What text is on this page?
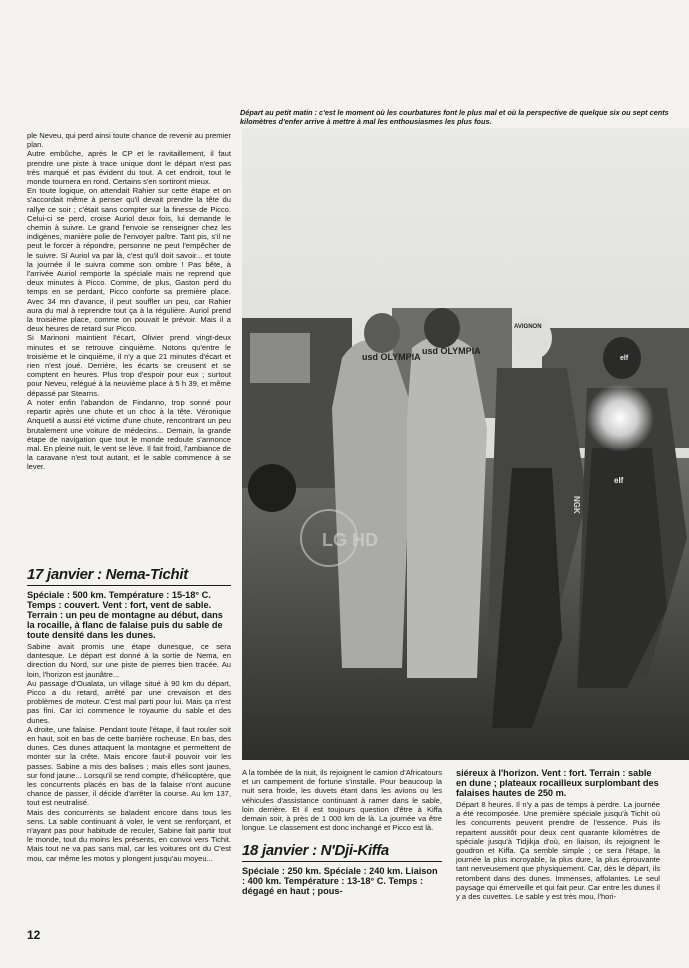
ple Neveu, qui perd ainsi toute chance de revenir au premier plan.

Autre embûche, après le CP et le ravitaillement, il faut prendre une piste à trace unique dont le départ n'est pas très marqué et pas évident du tout. A cet endroit, tout le monde tournera en rond. Certains s'en sortiront mieux.

En toute logique, on attendait Rahier sur cette étape et on s'accordait même à penser qu'il devait prendre la tête du rallye ce soir ; c'était sans compter sur la finesse de Picco. Celui-ci se perd, croise Auriol deux fois, lui demande le chemin à suivre. Le grand l'envoie se renseigner chez les indigènes, manière polie de l'envoyer paître. Tant pis, s'il ne peut le forcer à répondre, personne ne peut l'empêcher de le suivre. Si Auriol va par là, c'est qu'il doit savoir... et toute la journée il le suivra comme son ombre ! Pas bête, à l'arrivée Auriol remporte la spéciale mais ne reprend que deux minutes à Picco. Comme, de plus, Gaston perd du temps en se perdant, Picco conforte sa première place. Avec 34 mn d'avance, il peut souffler un peu, car Rahier aura du mal à reprendre tout ça à la régulière. Auriol prend la troisième place, comme on pouvait le prévoir. Mais il a deux heures de retard sur Picco.

Si Marinoni maintient l'écart, Olivier prend vingt-deux minutes et se retrouve cinquième. Notons qu'entre le troisième et le cinquième, il n'y a que 21 minutes d'écart et rien n'est joué. Derrière, les écarts se creusent et se comptent en heures. Plus trop d'espoir pour eux ; surtout pour Neveu, relégué à la neuvième place à 5 h 39, et même dépassé par Stearns.

A noter enfin l'abandon de Findanno, trop sonné pour repartir après une chute et un choc à la tête. Véronique Anquetil a aussi été victime d'une chute, rencontrant un peu brutalement une voiture de médecins... Demain, la grande étape de navigation que tout le monde redoute s'annonce mal. En pleine nuit, le vent se lève. Il fait froid, l'ambiance de la caravane n'est tout autant, et le sable commence à se lever.

17 janvier : Nema-Tichit
Spéciale : 500 km. Température : 15-18° C. Temps : couvert. Vent : fort, vent de sable. Terrain : un peu de montagne au début, dans la rocaille, à flanc de falaise puis du sable de toute densité dans les dunes.

Sabine avait promis une étape dunesque, ce sera dantesque. Le départ est donné à la sortie de Nema, en direction du Nord, sur une piste de pierres bien tracée. Au loin, l'horizon est jaunâtre...

Au passage d'Oualata, un village situé à 90 km du départ, Picco a du retard, arrêté par une crevaison et des problèmes de moteur. C'est mal parti pour lui. Mais ça n'est pas fini. Car ici commence le royaume du sable et des dunes.

A droite, une falaise. Pendant toute l'étape, il faut rouler soit en haut, soit en bas de cette barrière rocheuse. En bas, des dunes. Ces dunes attaquent la montagne et permettent de monter sur la crête. Mais encore faut-il pouvoir voir les passes. Sabine a mis des balises ; mais elles sont jaunes, sur fond jaune... Lorsqu'il se rend compte, d'hélicoptère, que les concurrents placés en bas de la falaise n'ont aucune chance de passer, il décide d'arrêter la course. Au km 137, tout est neutralisé.

Mais des concurrents se baladent encore dans tous les sens. La sable continuant à voler, le vent se renforçant, et n'ayant pas pour habitude de reculer, Sabine fait partir tout le monde, tout du moins les présents, en convoi vers Tichit. Mais tout ne va pas sans mal, car les voitures ont du C'est mou, car même les motos y plongent jusqu'au moyeu...

Départ au petit matin : c'est le moment où les courbatures font le plus mal et où la perspective de quelque six ou sept cents kilomètres d'enfer arrive à mettre à mal les enthousiasmes les plus fous.
usd OLYMPIA
usd OLYMPIA
AVIGNON
elf
NGK
elf
LG HD

A la tombée de la nuit, ils rejoignent le camion d'Africatours et un campement de fortune s'installe. Pour beaucoup la nuit sera froide, les duvets étant dans les avions ou les véhicules d'assistance continuant à ramer dans le sable, loin derrière. Et il est toujours question d'être à Kiffa demain soir, à près de 1 000 km de là. La journée va être longue. Le classement est donc inchangé et Picco est là.

18 janvier : N'Dji-Kiffa
Spéciale : 250 km. Spéciale : 240 km. Liaison : 400 km. Température : 13-18° C. Temps : dégagé en haut ; pous-
siéreux à l'horizon. Vent : fort. Terrain : sable en dune ; plateaux rocailleux surplombant des falaises hautes de 250 m.

Départ 8 heures. Il n'y a pas de temps à perdre. La journée a été recomposée. Une première spéciale jusqu'à Tichit où les concurrents peuvent prendre de l'essence. Puis ils repartent aussitôt pour deux cent quarante kilomètres de spéciale jusqu'à Tidjikja d'où, en liaison, ils rejoignent le goudron et Kiffa. Ça semble simple ; ce sera l'étape, la journée la plus incroyable, la plus dure, la plus éprouvante tant nerveusement que physiquement. Car, dès le départ, ils retombent dans des dunes. Immenses, affolantes. Le seul paysage qui émerveille et qui fait peur. Car entre les dunes il y a des cuvettes. Le sable y est très mou, l'hori-

12
